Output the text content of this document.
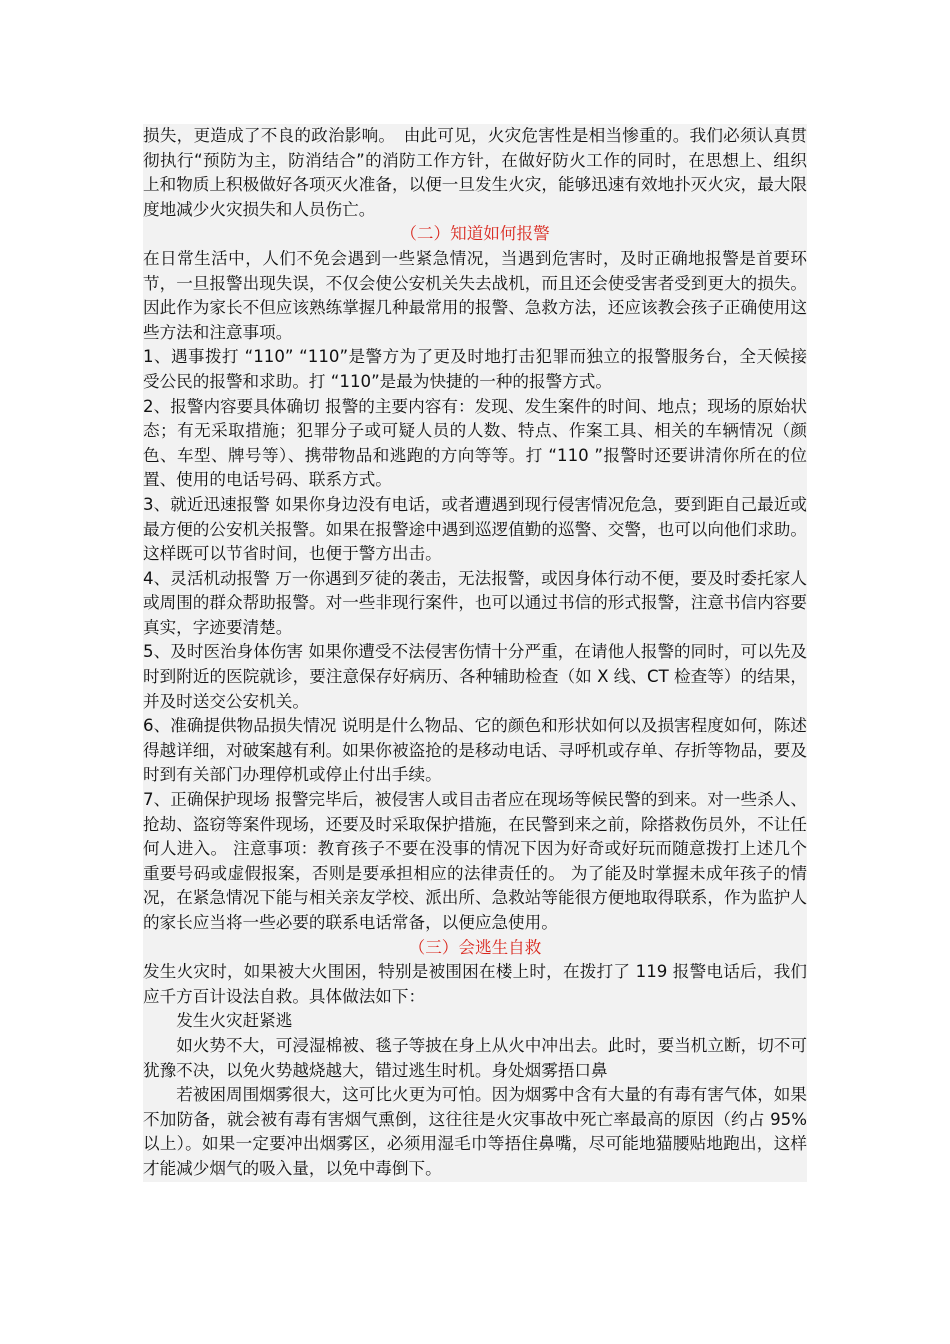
损失，更造成了不良的政治影响。　由此可见，火灾危害性是相当惨重的。我们必须认真贯彻执行“预防为主，防消结合”的消防工作方针，在做好防火工作的同时，在思想上、组织上和物质上积极做好各项灭火准备，以便一旦发生火灾，能够迅速有效地扑灭火灾，最大限度地减少火灾损失和人员伤亡。

（二）知道如何报警

在日常生活中，人们不免会遇到一些紧急情况，当遇到危害时，及时正确地报警是首要环节，一旦报警出现失误，不仅会使公安机关失去战机，而且还会使受害者受到更大的损失。因此作为家长不但应该熟练掌握几种最常用的报警、急救方法，还应该教会孩子正确使用这些方法和注意事项。

1、遇事拨打 “110” “110”是警方为了更及时地打击犯罪而独立的报警服务台，全天候接受公民的报警和求助。打 “110”是最为快捷的一种的报警方式。

2、报警内容要具体确切 报警的主要内容有：发现、发生案件的时间、地点；现场的原始状态；有无采取措施；犯罪分子或可疑人员的人数、特点、作案工具、相关的车辆情况（颜色、车型、牌号等）、携带物品和逃跑的方向等等。打 “110 ”报警时还要讲清你所在的位置、使用的电话号码、联系方式。

3、就近迅速报警 如果你身边没有电话，或者遭遇到现行侵害情况危急，要到距自己最近或最方便的公安机关报警。如果在报警途中遇到巡逻值勤的巡警、交警，也可以向他们求助。这样既可以节省时间，也便于警方出击。

4、灵活机动报警 万一你遇到歹徒的袭击，无法报警，或因身体行动不便，要及时委托家人或周围的群众帮助报警。对一些非现行案件，也可以通过书信的形式报警，注意书信内容要真实，字迹要清楚。

5、及时医治身体伤害 如果你遭受不法侵害伤情十分严重，在请他人报警的同时，可以先及时到附近的医院就诊，要注意保存好病历、各种辅助检查（如 X 线、CT 检查等）的结果，并及时送交公安机关。

6、准确提供物品损失情况 说明是什么物品、它的颜色和形状如何以及损害程度如何，陈述得越详细，对破案越有利。如果你被盗抢的是移动电话、寻呼机或存单、存折等物品，要及时到有关部门办理停机或停止付出手续。

7、正确保护现场 报警完毕后，被侵害人或目击者应在现场等候民警的到来。对一些杀人、抢劫、盗窃等案件现场，还要及时采取保护措施，在民警到来之前，除搭救伤员外，不让任何人进入。 注意事项：教育孩子不要在没事的情况下因为好奇或好玩而随意拨打上述几个重要号码或虚假报案，否则是要承担相应的法律责任的。 为了能及时掌握未成年孩子的情况，在紧急情况下能与相关亲友学校、派出所、急救站等能很方便地取得联系，作为监护人的家长应当将一些必要的联系电话常备，以便应急使用。

（三）会逃生自救

发生火灾时，如果被大火围困，特别是被围困在楼上时，在拨打了 119 报警电话后，我们应千方百计设法自救。具体做法如下：

发生火灾赶紧逃

如火势不大，可浸湿棉被、毯子等披在身上从火中冲出去。此时，要当机立断，切不可犹豫不决，以免火势越烧越大，错过逃生时机。身处烟雾捂口鼻

若被困周围烟雾很大，这可比火更为可怕。因为烟雾中含有大量的有毒有害气体，如果不加防备，就会被有毒有害烟气熏倒，这往往是火灾事故中死亡率最高的原因（约占 95% 以上）。如果一定要冲出烟雾区，必须用湿毛巾等捂住鼻嘴，尽可能地猫腰贴地跑出，这样才能减少烟气的吸入量，以免中毒倒下。
